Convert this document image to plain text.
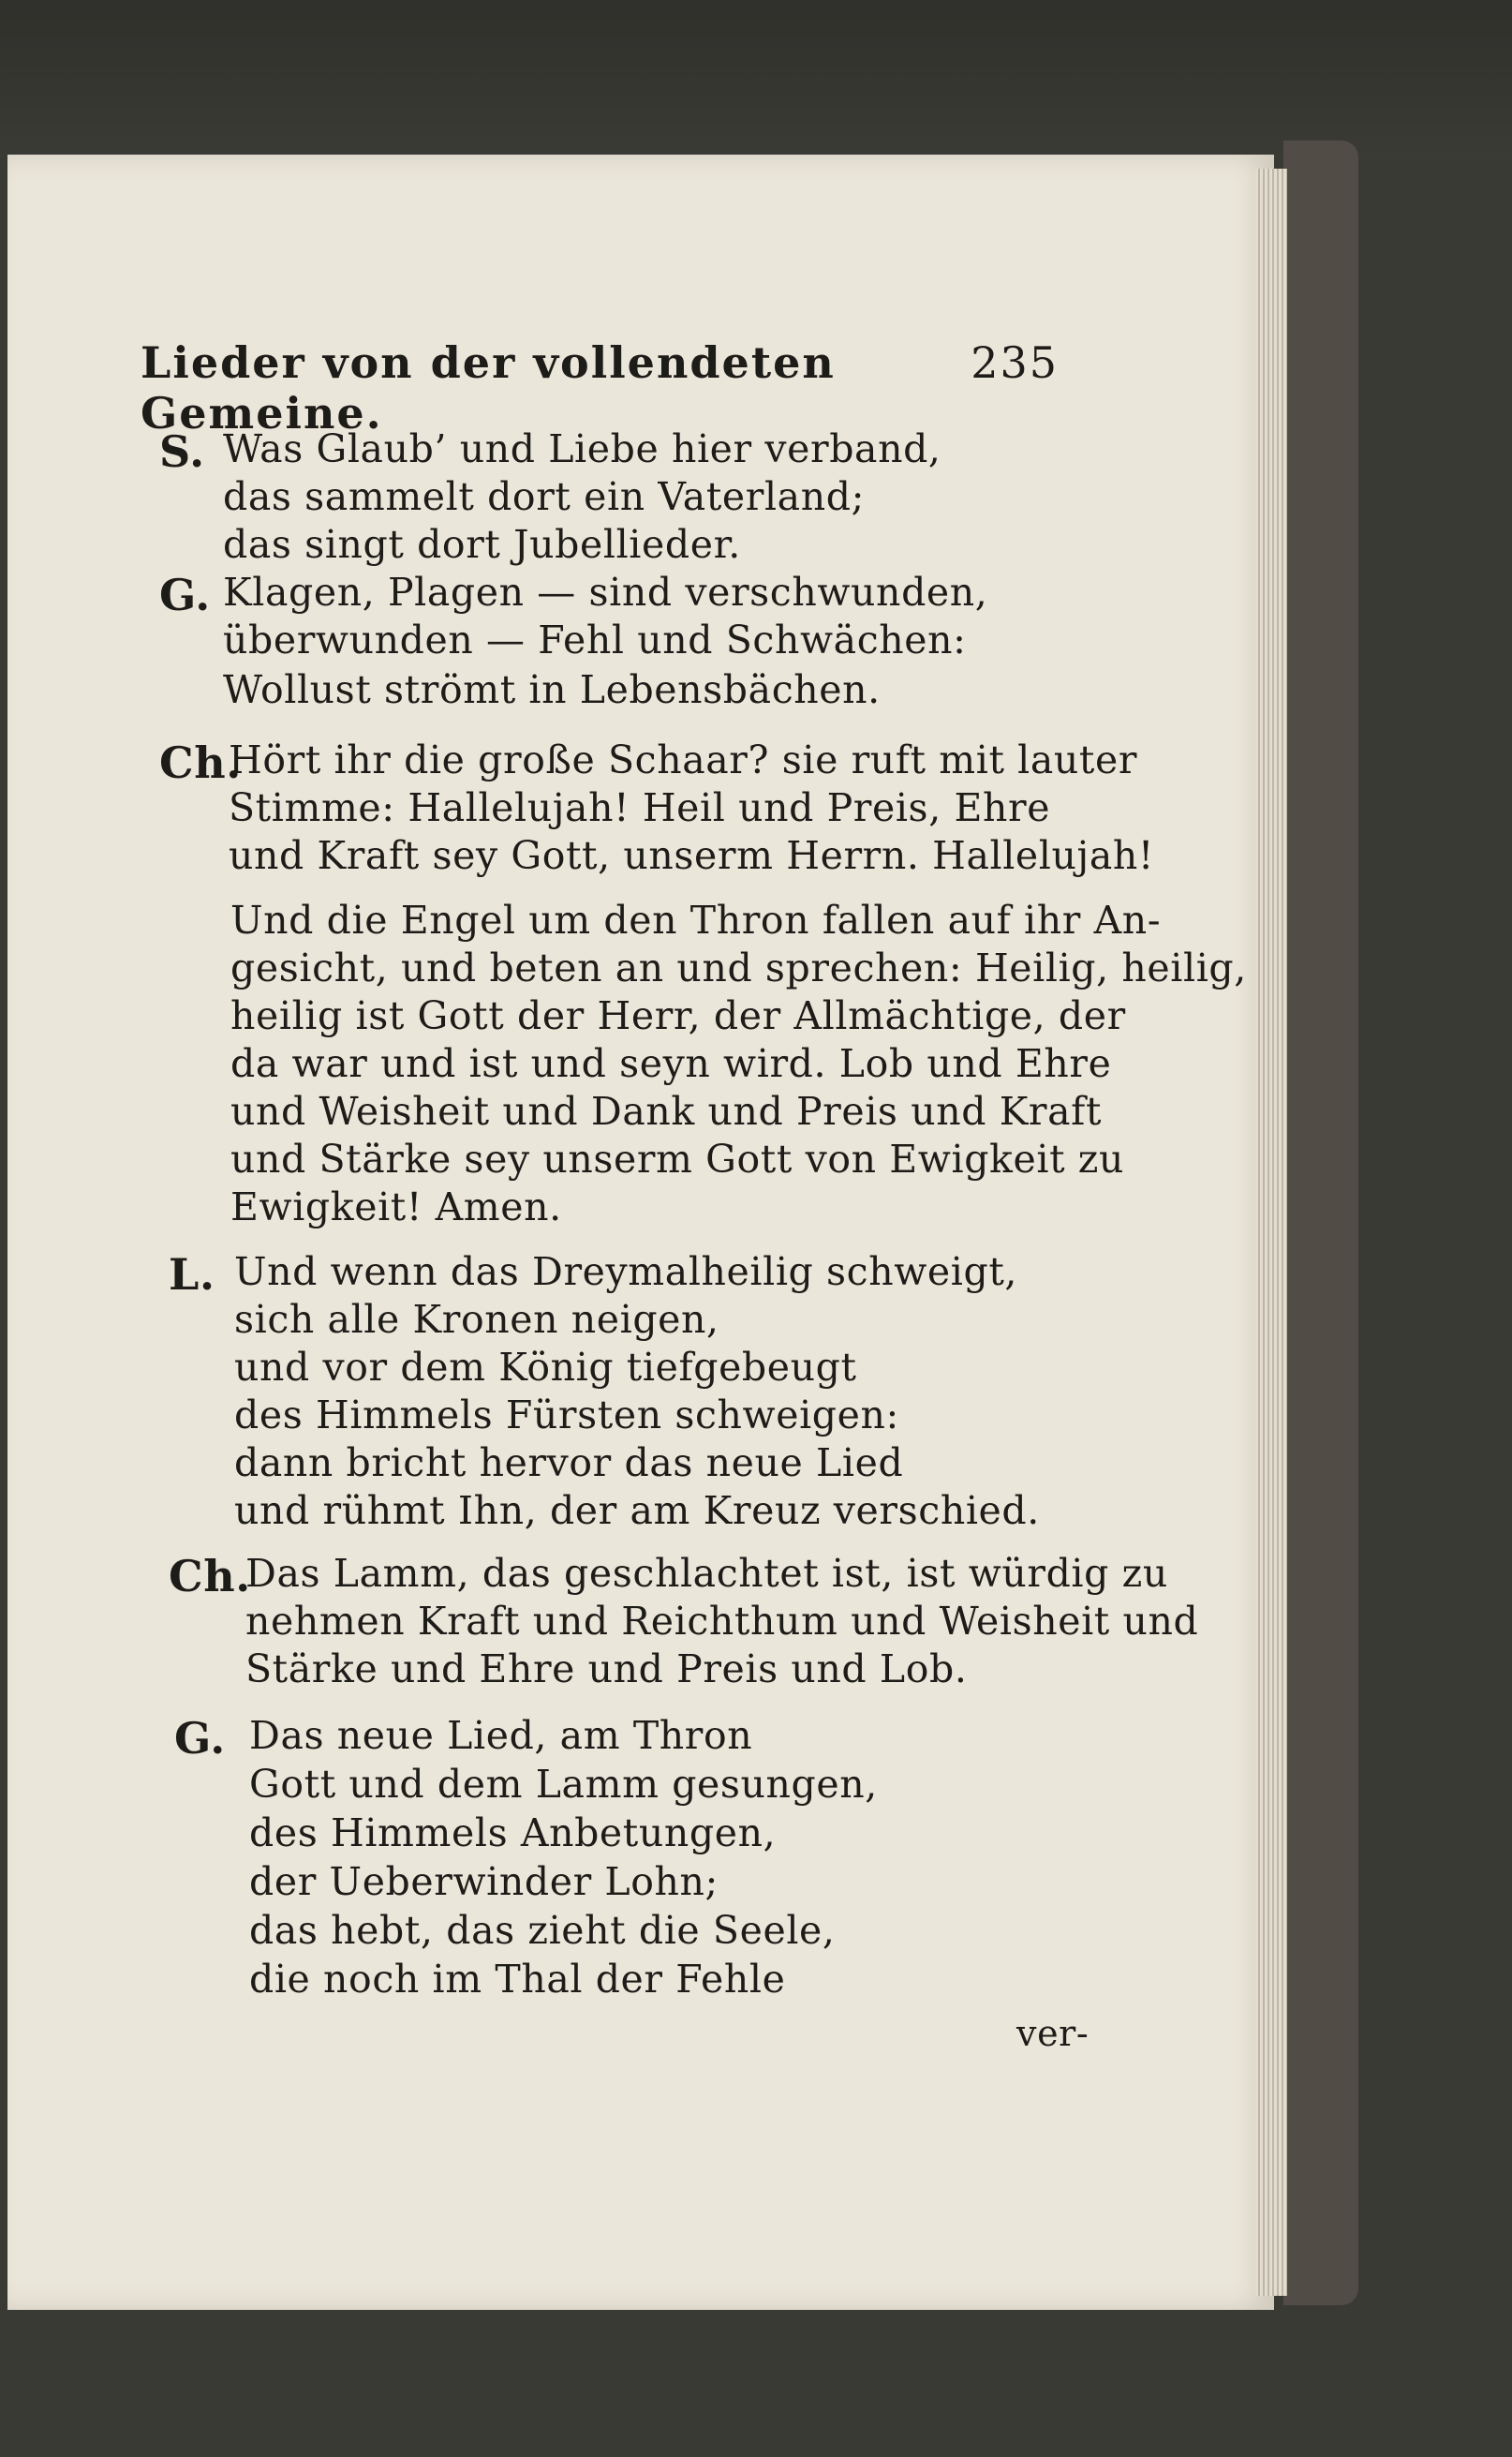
Lieder von der vollendeten Gemeine.
235
S. Was Glaub’ und Liebe hier verband,
das sammelt dort ein Vaterland;
das singt dort Jubellieder.
G. Klagen, Plagen — sind verschwunden,
überwunden — Fehl und Schwächen:
Wollust strömt in Lebensbächen.
Ch.
Hört ihr die große Schaar? sie ruft mit lauter
Stimme: Hallelujah! Heil und Preis, Ehre
und Kraft sey Gott, unserm Herrn. Hallelujah!
Und die Engel um den Thron fallen auf ihr An-
gesicht, und beten an und sprechen: Heilig, heilig,
heilig ist Gott der Herr, der Allmächtige, der
da war und ist und seyn wird. Lob und Ehre
und Weisheit und Dank und Preis und Kraft
und Stärke sey unserm Gott von Ewigkeit zu
Ewigkeit! Amen.
L. Und wenn das Dreymalheilig schweigt,
sich alle Kronen neigen,
und vor dem König tiefgebeugt
des Himmels Fürsten schweigen:
dann bricht hervor das neue Lied
und rühmt Ihn, der am Kreuz verschied.
Ch.
Das Lamm, das geschlachtet ist, ist würdig zu
nehmen Kraft und Reichthum und Weisheit und
Stärke und Ehre und Preis und Lob.
G. Das neue Lied, am Thron
Gott und dem Lamm gesungen,
des Himmels Anbetungen,
der Ueberwinder Lohn;
das hebt, das zieht die Seele,
die noch im Thal der Fehle
ver-
